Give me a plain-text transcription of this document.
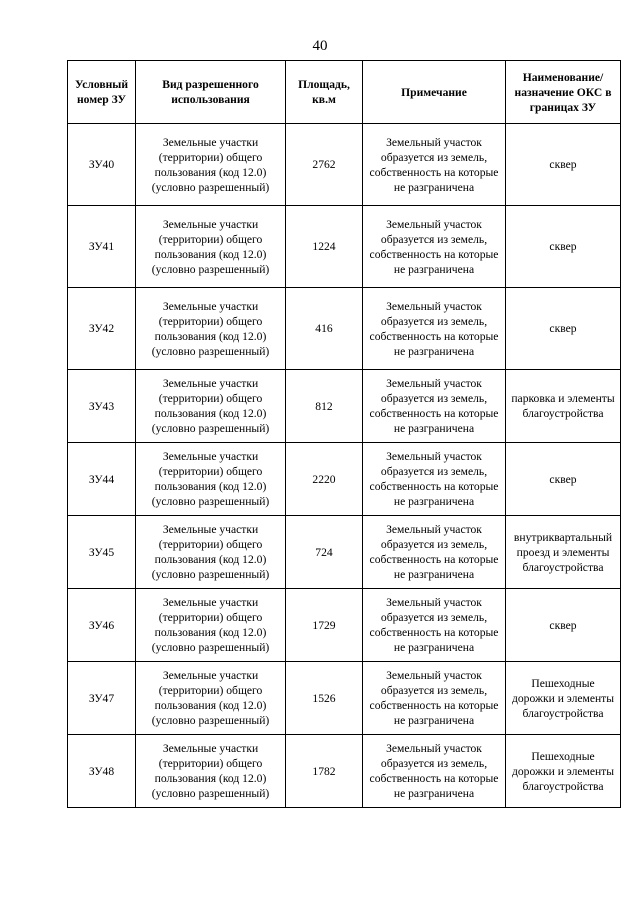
40
Условный номер ЗУ	Вид разрешенного использования	Площадь, кв.м	Примечание	Наименование/ назначение ОКС в границах ЗУ
ЗУ40	Земельные участки (территории) общего пользования (код 12.0) (условно разрешенный)	2762	Земельный участок образуется из земель, собственность на которые не разграничена	сквер
ЗУ41	Земельные участки (территории) общего пользования (код 12.0) (условно разрешенный)	1224	Земельный участок образуется из земель, собственность на которые не разграничена	сквер
ЗУ42	Земельные участки (территории) общего пользования (код 12.0) (условно разрешенный)	416	Земельный участок образуется из земель, собственность на которые не разграничена	сквер
ЗУ43	Земельные участки (территории) общего пользования (код 12.0) (условно разрешенный)	812	Земельный участок образуется из земель, собственность на которые не разграничена	парковка и элементы благоустройства
ЗУ44	Земельные участки (территории) общего пользования (код 12.0) (условно разрешенный)	2220	Земельный участок образуется из земель, собственность на которые не разграничена	сквер
ЗУ45	Земельные участки (территории) общего пользования (код 12.0) (условно разрешенный)	724	Земельный участок образуется из земель, собственность на которые не разграничена	внутриквартальный проезд и элементы благоустройства
ЗУ46	Земельные участки (территории) общего пользования (код 12.0) (условно разрешенный)	1729	Земельный участок образуется из земель, собственность на которые не разграничена	сквер
ЗУ47	Земельные участки (территории) общего пользования (код 12.0) (условно разрешенный)	1526	Земельный участок образуется из земель, собственность на которые не разграничена	Пешеходные дорожки и элементы благоустройства
ЗУ48	Земельные участки (территории) общего пользования (код 12.0) (условно разрешенный)	1782	Земельный участок образуется из земель, собственность на которые не разграничена	Пешеходные дорожки и элементы благоустройства
